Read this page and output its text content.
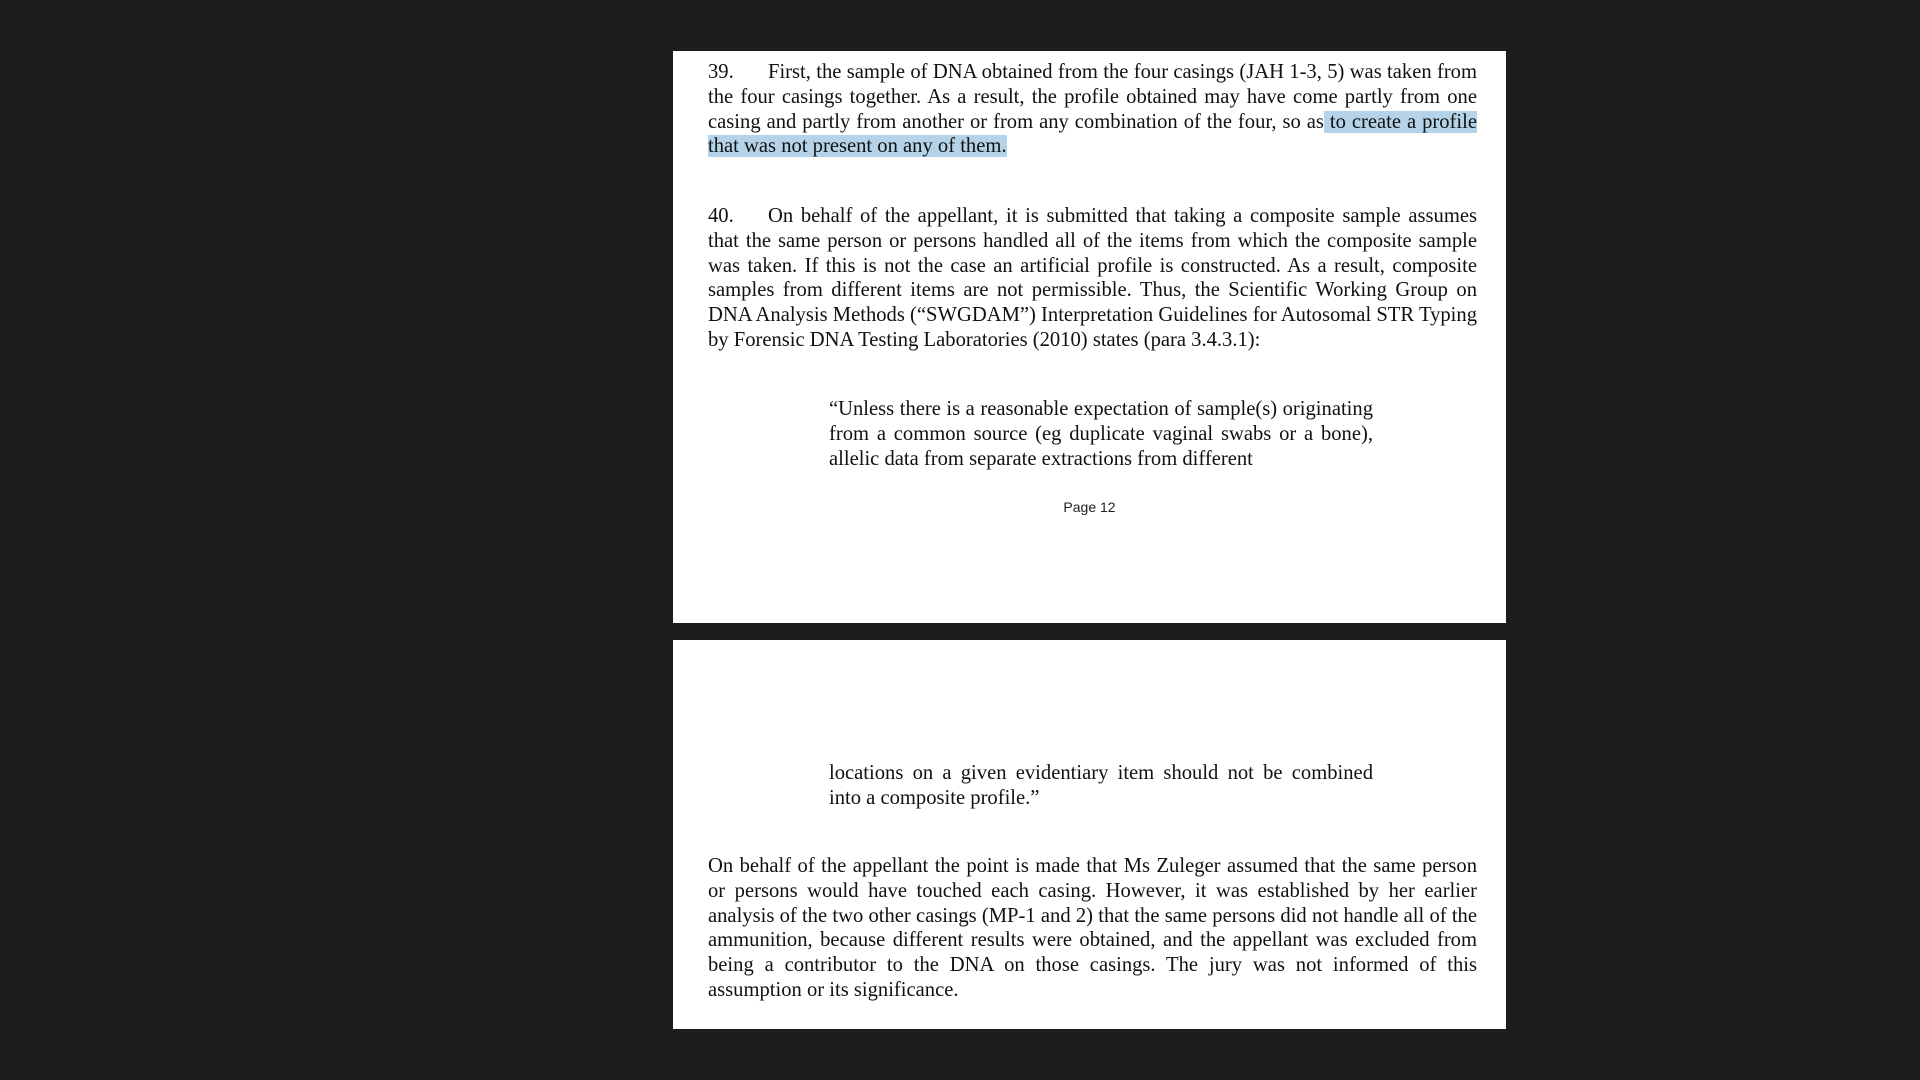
39. First, the sample of DNA obtained from the four casings (JAH 1-3, 5) was taken from the four casings together. As a result, the profile obtained may have come partly from one casing and partly from another or from any combination of the four, so as to create a profile that was not present on any of them.

40. On behalf of the appellant, it is submitted that taking a composite sample assumes that the same person or persons handled all of the items from which the composite sample was taken. If this is not the case an artificial profile is constructed. As a result, composite samples from different items are not permissible. Thus, the Scientific Working Group on DNA Analysis Methods (“SWGDAM”) Interpretation Guidelines for Autosomal STR Typing by Forensic DNA Testing Laboratories (2010) states (para 3.4.3.1):

“Unless there is a reasonable expectation of sample(s) originating from a common source (eg duplicate vaginal swabs or a bone), allelic data from separate extractions from different

Page 12

locations on a given evidentiary item should not be combined into a composite profile.”

On behalf of the appellant the point is made that Ms Zuleger assumed that the same person or persons would have touched each casing. However, it was established by her earlier analysis of the two other casings (MP-1 and 2) that the same persons did not handle all of the ammunition, because different results were obtained, and the appellant was excluded from being a contributor to the DNA on those casings. The jury was not informed of this assumption or its significance.
